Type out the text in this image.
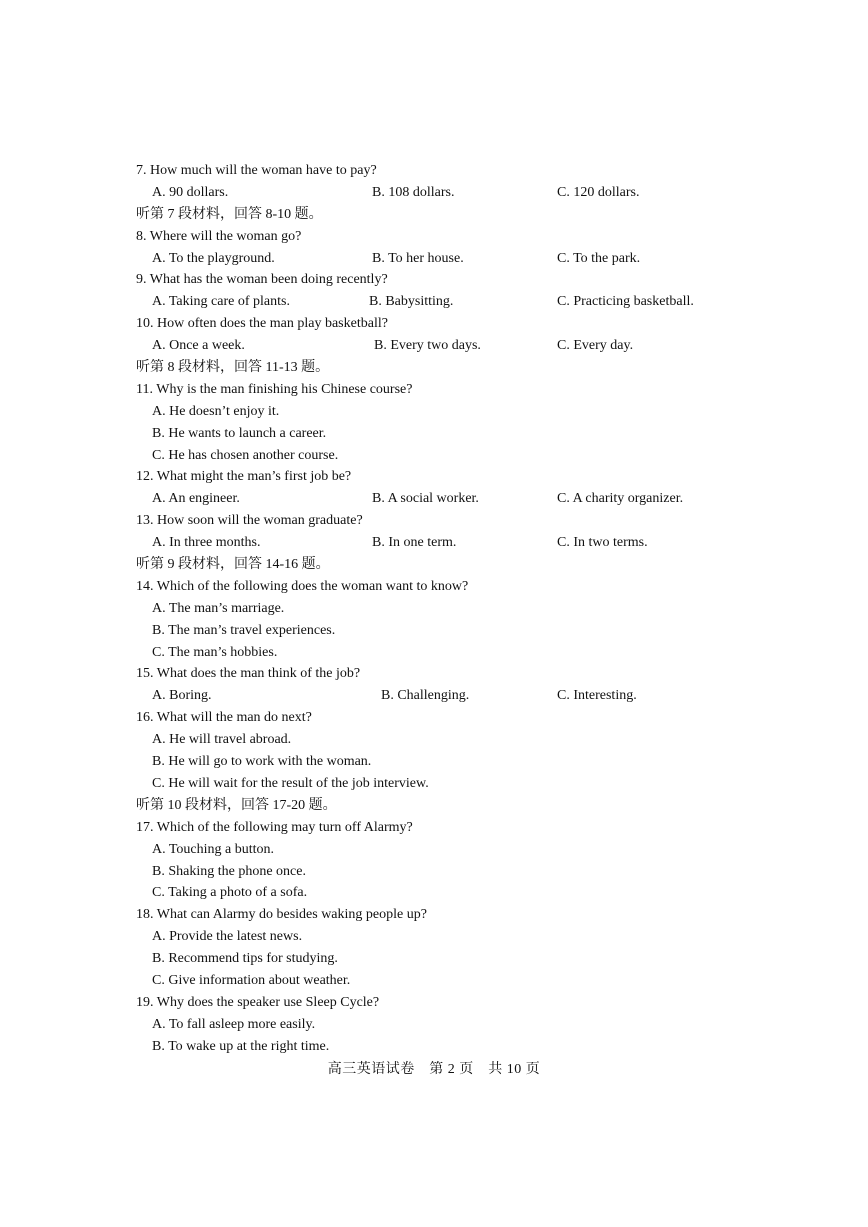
7. How much will the woman have to pay?
A. 90 dollars.	B. 108 dollars.	C. 120 dollars.
听第 7 段材料，回答 8-10 题。
8. Where will the woman go?
A. To the playground.	B. To her house.	C. To the park.
9. What has the woman been doing recently?
A. Taking care of plants.	B. Babysitting.	C. Practicing basketball.
10. How often does the man play basketball?
A. Once a week.	B. Every two days.	C. Every day.
听第 8 段材料，回答 11-13 题。
11. Why is the man finishing his Chinese course?
A. He doesn’t enjoy it.
B. He wants to launch a career.
C. He has chosen another course.
12. What might the man’s first job be?
A. An engineer.	B. A social worker.	C. A charity organizer.
13. How soon will the woman graduate?
A. In three months.	B. In one term.	C. In two terms.
听第 9 段材料，回答 14-16 题。
14. Which of the following does the woman want to know?
A. The man’s marriage.
B. The man’s travel experiences.
C. The man’s hobbies.
15. What does the man think of the job?
A. Boring.	B. Challenging.	C. Interesting.
16. What will the man do next?
A. He will travel abroad.
B. He will go to work with the woman.
C. He will wait for the result of the job interview.
听第 10 段材料，回答 17-20 题。
17. Which of the following may turn off Alarmy?
A. Touching a button.
B. Shaking the phone once.
C. Taking a photo of a sofa.
18. What can Alarmy do besides waking people up?
A. Provide the latest news.
B. Recommend tips for studying.
C. Give information about weather.
19. Why does the speaker use Sleep Cycle?
A. To fall asleep more easily.
B. To wake up at the right time.
高三英语试卷　第 2 页　共 10 页
